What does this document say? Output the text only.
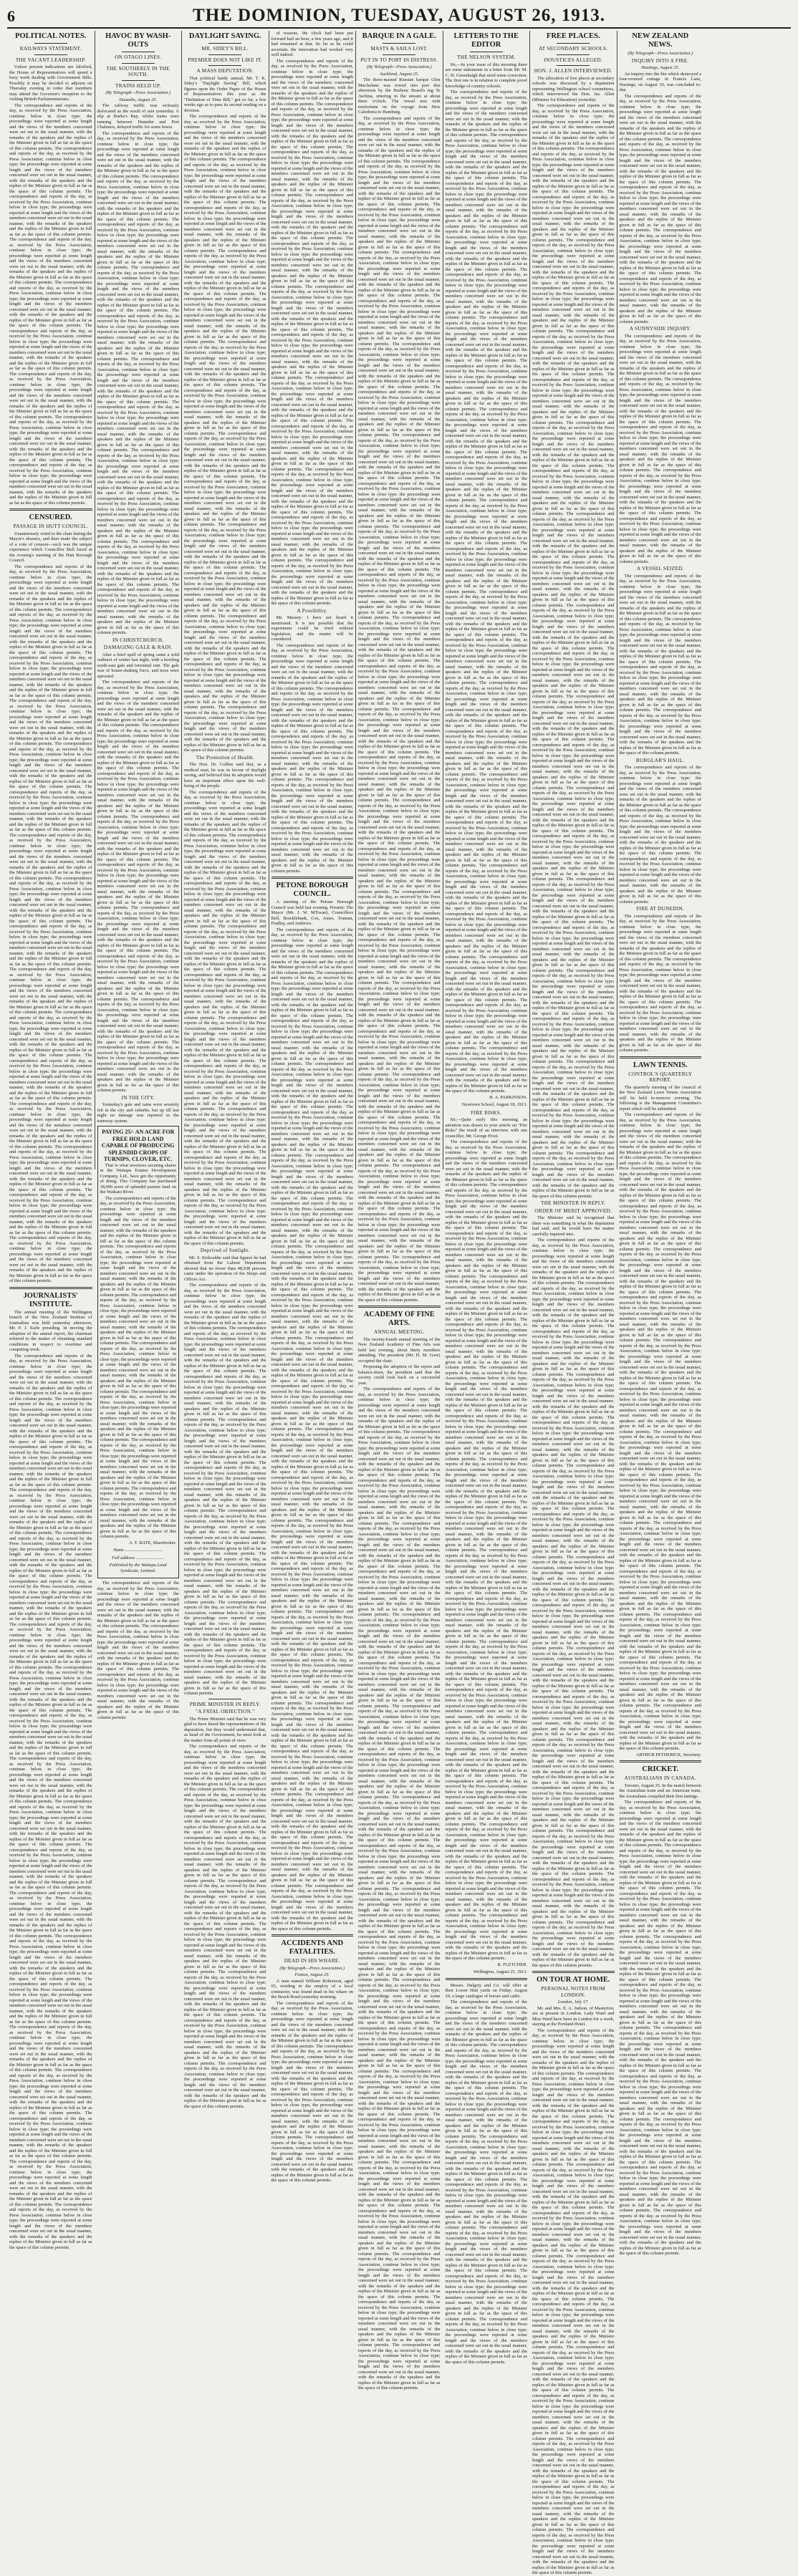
6	THE DOMINION, TUESDAY, AUGUST 26, 1913.
POLITICAL NOTES.
RAILWAYS STATEMENT.
THE VACANT LEADERSHIP.

Unless present indications are falsified, the House of Representatives will spend a busy week dealing with Government Bills. Possibly it may be decided to adjourn on Thursday evening in order that members may attend the Governor's reception to the visiting British Parliamentarians.

The correspondence and reports of the day, as received by the Press Association, continue below in close type; the proceedings were reported at some length and the views of the members concerned were set out in the usual manner, with the remarks of the speakers and the replies of the Minister given in full as far as the space of this column permits. The correspondence and reports of the day, as received by the Press Association, continue below in close type; the proceedings were reported at some length and the views of the members concerned were set out in the usual manner, with the remarks of the speakers and the replies of the Minister given in full as far as the space of this column permits. The correspondence and reports of the day, as received by the Press Association, continue below in close type; the proceedings were reported at some length and the views of the members concerned were set out in the usual manner, with the remarks of the speakers and the replies of the Minister given in full as far as the space of this column permits. The correspondence and reports of the day, as received by the Press Association, continue below in close type; the proceedings were reported at some length and the views of the members concerned were set out in the usual manner, with the remarks of the speakers and the replies of the Minister given in full as far as the space of this column permits. The correspondence and reports of the day, as received by the Press Association, continue below in close type; the proceedings were reported at some length and the views of the members concerned were set out in the usual manner, with the remarks of the speakers and the replies of the Minister given in full as far as the space of this column permits. The correspondence and reports of the day, as received by the Press Association, continue below in close type; the proceedings were reported at some length and the views of the members concerned were set out in the usual manner, with the remarks of the speakers and the replies of the Minister given in full as far as the space of this column permits. The correspondence and reports of the day, as received by the Press Association, continue below in close type; the proceedings were reported at some length and the views of the members concerned were set out in the usual manner, with the remarks of the speakers and the replies of the Minister given in full as far as the space of this column permits. The correspondence and reports of the day, as received by the Press Association, continue below in close type; the proceedings were reported at some length and the views of the members concerned were set out in the usual manner, with the remarks of the speakers and the replies of the Minister given in full as far as the space of this column permits. The correspondence and reports of the day, as received by the Press Association, continue below in close type; the proceedings were reported at some length and the views of the members concerned were set out in the usual manner, with the remarks of the speakers and the replies of the Minister given in full as far as the space of this column permits.

CENSURED.
PASSAGE IN HUTT COUNCIL.

Unanimously voted to the chair during the Mayor's absence, and then made the subject of a vote of censure—such was the unique experience which Councillor Bull faced at the evening's meeting of the Hutt Borough Council.

The correspondence and reports of the day, as received by the Press Association, continue below in close type; the proceedings were reported at some length and the views of the members concerned were set out in the usual manner, with the remarks of the speakers and the replies of the Minister given in full as far as the space of this column permits. The correspondence and reports of the day, as received by the Press Association, continue below in close type; the proceedings were reported at some length and the views of the members concerned were set out in the usual manner, with the remarks of the speakers and the replies of the Minister given in full as far as the space of this column permits. The correspondence and reports of the day, as received by the Press Association, continue below in close type; the proceedings were reported at some length and the views of the members concerned were set out in the usual manner, with the remarks of the speakers and the replies of the Minister given in full as far as the space of this column permits. The correspondence and reports of the day, as received by the Press Association, continue below in close type; the proceedings were reported at some length and the views of the members concerned were set out in the usual manner, with the remarks of the speakers and the replies of the Minister given in full as far as the space of this column permits. The correspondence and reports of the day, as received by the Press Association, continue below in close type; the proceedings were reported at some length and the views of the members concerned were set out in the usual manner, with the remarks of the speakers and the replies of the Minister given in full as far as the space of this column permits. The correspondence and reports of the day, as received by the Press Association, continue below in close type; the proceedings were reported at some length and the views of the members concerned were set out in the usual manner, with the remarks of the speakers and the replies of the Minister given in full as far as the space of this column permits. The correspondence and reports of the day, as received by the Press Association, continue below in close type; the proceedings were reported at some length and the views of the members concerned were set out in the usual manner, with the remarks of the speakers and the replies of the Minister given in full as far as the space of this column permits. The correspondence and reports of the day, as received by the Press Association, continue below in close type; the proceedings were reported at some length and the views of the members concerned were set out in the usual manner, with the remarks of the speakers and the replies of the Minister given in full as far as the space of this column permits. The correspondence and reports of the day, as received by the Press Association, continue below in close type; the proceedings were reported at some length and the views of the members concerned were set out in the usual manner, with the remarks of the speakers and the replies of the Minister given in full as far as the space of this column permits. The correspondence and reports of the day, as received by the Press Association, continue below in close type; the proceedings were reported at some length and the views of the members concerned were set out in the usual manner, with the remarks of the speakers and the replies of the Minister given in full as far as the space of this column permits. The correspondence and reports of the day, as received by the Press Association, continue below in close type; the proceedings were reported at some length and the views of the members concerned were set out in the usual manner, with the remarks of the speakers and the replies of the Minister given in full as far as the space of this column permits. The correspondence and reports of the day, as received by the Press Association, continue below in close type; the proceedings were reported at some length and the views of the members concerned were set out in the usual manner, with the remarks of the speakers and the replies of the Minister given in full as far as the space of this column permits. The correspondence and reports of the day, as received by the Press Association, continue below in close type; the proceedings were reported at some length and the views of the members concerned were set out in the usual manner, with the remarks of the speakers and the replies of the Minister given in full as far as the space of this column permits. The correspondence and reports of the day, as received by the Press Association, continue below in close type; the proceedings were reported at some length and the views of the members concerned were set out in the usual manner, with the remarks of the speakers and the replies of the Minister given in full as far as the space of this column permits. The correspondence and reports of the day, as received by the Press Association, continue below in close type; the proceedings were reported at some length and the views of the members concerned were set out in the usual manner, with the remarks of the speakers and the replies of the Minister given in full as far as the space of this column permits. The correspondence and reports of the day, as received by the Press Association, continue below in close type; the proceedings were reported at some length and the views of the members concerned were set out in the usual manner, with the remarks of the speakers and the replies of the Minister given in full as far as the space of this column permits.

JOURNALISTS' INSTITUTE.

The annual meeting of the Wellington branch of the New Zealand Institute of Journalists was held yesterday afternoon, Mr. F. J. Earle presiding. In moving the adoption of the annual report, the chairman referred to the matter of obtaining standard conditions in respect to overtime and competing work.

The correspondence and reports of the day, as received by the Press Association, continue below in close type; the proceedings were reported at some length and the views of the members concerned were set out in the usual manner, with the remarks of the speakers and the replies of the Minister given in full as far as the space of this column permits. The correspondence and reports of the day, as received by the Press Association, continue below in close type; the proceedings were reported at some length and the views of the members concerned were set out in the usual manner, with the remarks of the speakers and the replies of the Minister given in full as far as the space of this column permits. The correspondence and reports of the day, as received by the Press Association, continue below in close type; the proceedings were reported at some length and the views of the members concerned were set out in the usual manner, with the remarks of the speakers and the replies of the Minister given in full as far as the space of this column permits. The correspondence and reports of the day, as received by the Press Association, continue below in close type; the proceedings were reported at some length and the views of the members concerned were set out in the usual manner, with the remarks of the speakers and the replies of the Minister given in full as far as the space of this column permits. The correspondence and reports of the day, as received by the Press Association, continue below in close type; the proceedings were reported at some length and the views of the members concerned were set out in the usual manner, with the remarks of the speakers and the replies of the Minister given in full as far as the space of this column permits. The correspondence and reports of the day, as received by the Press Association, continue below in close type; the proceedings were reported at some length and the views of the members concerned were set out in the usual manner, with the remarks of the speakers and the replies of the Minister given in full as far as the space of this column permits. The correspondence and reports of the day, as received by the Press Association, continue below in close type; the proceedings were reported at some length and the views of the members concerned were set out in the usual manner, with the remarks of the speakers and the replies of the Minister given in full as far as the space of this column permits. The correspondence and reports of the day, as received by the Press Association, continue below in close type; the proceedings were reported at some length and the views of the members concerned were set out in the usual manner, with the remarks of the speakers and the replies of the Minister given in full as far as the space of this column permits. The correspondence and reports of the day, as received by the Press Association, continue below in close type; the proceedings were reported at some length and the views of the members concerned were set out in the usual manner, with the remarks of the speakers and the replies of the Minister given in full as far as the space of this column permits. The correspondence and reports of the day, as received by the Press Association, continue below in close type; the proceedings were reported at some length and the views of the members concerned were set out in the usual manner, with the remarks of the speakers and the replies of the Minister given in full as far as the space of this column permits. The correspondence and reports of the day, as received by the Press Association, continue below in close type; the proceedings were reported at some length and the views of the members concerned were set out in the usual manner, with the remarks of the speakers and the replies of the Minister given in full as far as the space of this column permits. The correspondence and reports of the day, as received by the Press Association, continue below in close type; the proceedings were reported at some length and the views of the members concerned were set out in the usual manner, with the remarks of the speakers and the replies of the Minister given in full as far as the space of this column permits. The correspondence and reports of the day, as received by the Press Association, continue below in close type; the proceedings were reported at some length and the views of the members concerned were set out in the usual manner, with the remarks of the speakers and the replies of the Minister given in full as far as the space of this column permits. The correspondence and reports of the day, as received by the Press Association, continue below in close type; the proceedings were reported at some length and the views of the members concerned were set out in the usual manner, with the remarks of the speakers and the replies of the Minister given in full as far as the space of this column permits. The correspondence and reports of the day, as received by the Press Association, continue below in close type; the proceedings were reported at some length and the views of the members concerned were set out in the usual manner, with the remarks of the speakers and the replies of the Minister given in full as far as the space of this column permits. The correspondence and reports of the day, as received by the Press Association, continue below in close type; the proceedings were reported at some length and the views of the members concerned were set out in the usual manner, with the remarks of the speakers and the replies of the Minister given in full as far as the space of this column permits. The correspondence and reports of the day, as received by the Press Association, continue below in close type; the proceedings were reported at some length and the views of the members concerned were set out in the usual manner, with the remarks of the speakers and the replies of the Minister given in full as far as the space of this column permits. The correspondence and reports of the day, as received by the Press Association, continue below in close type; the proceedings were reported at some length and the views of the members concerned were set out in the usual manner, with the remarks of the speakers and the replies of the Minister given in full as far as the space of this column permits. The correspondence and reports of the day, as received by the Press Association, continue below in close type; the proceedings were reported at some length and the views of the members concerned were set out in the usual manner, with the remarks of the speakers and the replies of the Minister given in full as far as the space of this column permits. The correspondence and reports of the day, as received by the Press Association, continue below in close type; the proceedings were reported at some length and the views of the members concerned were set out in the usual manner, with the remarks of the speakers and the replies of the Minister given in full as far as the space of this column permits.

HAVOC BY WASH-OUTS
ON OTAGO LINES.
THE SOUTHERLY IN THE SOUTH.
TRAINS HELD UP.
(By Telegraph—Press Association.)
Dunedin, August 25.

The railway traffic was seriously dislocated as the result of rain yesterday. A slip at Burke's Bay, whilst trains were running between Dunedin and Port Chalmers, delayed traffic for some hours.

The correspondence and reports of the day, as received by the Press Association, continue below in close type; the proceedings were reported at some length and the views of the members concerned were set out in the usual manner, with the remarks of the speakers and the replies of the Minister given in full as far as the space of this column permits. The correspondence and reports of the day, as received by the Press Association, continue below in close type; the proceedings were reported at some length and the views of the members concerned were set out in the usual manner, with the remarks of the speakers and the replies of the Minister given in full as far as the space of this column permits. The correspondence and reports of the day, as received by the Press Association, continue below in close type; the proceedings were reported at some length and the views of the members concerned were set out in the usual manner, with the remarks of the speakers and the replies of the Minister given in full as far as the space of this column permits. The correspondence and reports of the day, as received by the Press Association, continue below in close type; the proceedings were reported at some length and the views of the members concerned were set out in the usual manner, with the remarks of the speakers and the replies of the Minister given in full as far as the space of this column permits. The correspondence and reports of the day, as received by the Press Association, continue below in close type; the proceedings were reported at some length and the views of the members concerned were set out in the usual manner, with the remarks of the speakers and the replies of the Minister given in full as far as the space of this column permits. The correspondence and reports of the day, as received by the Press Association, continue below in close type; the proceedings were reported at some length and the views of the members concerned were set out in the usual manner, with the remarks of the speakers and the replies of the Minister given in full as far as the space of this column permits. The correspondence and reports of the day, as received by the Press Association, continue below in close type; the proceedings were reported at some length and the views of the members concerned were set out in the usual manner, with the remarks of the speakers and the replies of the Minister given in full as far as the space of this column permits. The correspondence and reports of the day, as received by the Press Association, continue below in close type; the proceedings were reported at some length and the views of the members concerned were set out in the usual manner, with the remarks of the speakers and the replies of the Minister given in full as far as the space of this column permits. The correspondence and reports of the day, as received by the Press Association, continue below in close type; the proceedings were reported at some length and the views of the members concerned were set out in the usual manner, with the remarks of the speakers and the replies of the Minister given in full as far as the space of this column permits. The correspondence and reports of the day, as received by the Press Association, continue below in close type; the proceedings were reported at some length and the views of the members concerned were set out in the usual manner, with the remarks of the speakers and the replies of the Minister given in full as far as the space of this column permits. The correspondence and reports of the day, as received by the Press Association, continue below in close type; the proceedings were reported at some length and the views of the members concerned were set out in the usual manner, with the remarks of the speakers and the replies of the Minister given in full as far as the space of this column permits.

IN CHRISTCHURCH.
DAMAGING GALE & RAIN.

After a brief spell of spring came a wild outburst of winter last night, with a howling south-east gale and torrential rain. The gale was of house-shaking force, and trees were uprooted.

The correspondence and reports of the day, as received by the Press Association, continue below in close type; the proceedings were reported at some length and the views of the members concerned were set out in the usual manner, with the remarks of the speakers and the replies of the Minister given in full as far as the space of this column permits. The correspondence and reports of the day, as received by the Press Association, continue below in close type; the proceedings were reported at some length and the views of the members concerned were set out in the usual manner, with the remarks of the speakers and the replies of the Minister given in full as far as the space of this column permits. The correspondence and reports of the day, as received by the Press Association, continue below in close type; the proceedings were reported at some length and the views of the members concerned were set out in the usual manner, with the remarks of the speakers and the replies of the Minister given in full as far as the space of this column permits. The correspondence and reports of the day, as received by the Press Association, continue below in close type; the proceedings were reported at some length and the views of the members concerned were set out in the usual manner, with the remarks of the speakers and the replies of the Minister given in full as far as the space of this column permits. The correspondence and reports of the day, as received by the Press Association, continue below in close type; the proceedings were reported at some length and the views of the members concerned were set out in the usual manner, with the remarks of the speakers and the replies of the Minister given in full as far as the space of this column permits. The correspondence and reports of the day, as received by the Press Association, continue below in close type; the proceedings were reported at some length and the views of the members concerned were set out in the usual manner, with the remarks of the speakers and the replies of the Minister given in full as far as the space of this column permits. The correspondence and reports of the day, as received by the Press Association, continue below in close type; the proceedings were reported at some length and the views of the members concerned were set out in the usual manner, with the remarks of the speakers and the replies of the Minister given in full as far as the space of this column permits. The correspondence and reports of the day, as received by the Press Association, continue below in close type; the proceedings were reported at some length and the views of the members concerned were set out in the usual manner, with the remarks of the speakers and the replies of the Minister given in full as far as the space of this column permits. The correspondence and reports of the day, as received by the Press Association, continue below in close type; the proceedings were reported at some length and the views of the members concerned were set out in the usual manner, with the remarks of the speakers and the replies of the Minister given in full as far as the space of this column permits.

IN THE CITY.

Yesterday's gale and rains were severely felt in the city and suburbs, but up till last night no damage was reported in the tramway system.

PAYING 25/- AN ACRE FOR FREE HOLD LAND CAPABLE OF PRODUCING SPLENDID CROPS OF TURNIPS, CLOVER, ETC.

That is what investors securing shares in the Waitapu Estates Development Company, Ltd., have got the opportunity of doing. This Company has purchased 18,000 acres of splendid pasture land on the Waikato River.

The correspondence and reports of the day, as received by the Press Association, continue below in close type; the proceedings were reported at some length and the views of the members concerned were set out in the usual manner, with the remarks of the speakers and the replies of the Minister given in full as far as the space of this column permits. The correspondence and reports of the day, as received by the Press Association, continue below in close type; the proceedings were reported at some length and the views of the members concerned were set out in the usual manner, with the remarks of the speakers and the replies of the Minister given in full as far as the space of this column permits. The correspondence and reports of the day, as received by the Press Association, continue below in close type; the proceedings were reported at some length and the views of the members concerned were set out in the usual manner, with the remarks of the speakers and the replies of the Minister given in full as far as the space of this column permits. The correspondence and reports of the day, as received by the Press Association, continue below in close type; the proceedings were reported at some length and the views of the members concerned were set out in the usual manner, with the remarks of the speakers and the replies of the Minister given in full as far as the space of this column permits. The correspondence and reports of the day, as received by the Press Association, continue below in close type; the proceedings were reported at some length and the views of the members concerned were set out in the usual manner, with the remarks of the speakers and the replies of the Minister given in full as far as the space of this column permits. The correspondence and reports of the day, as received by the Press Association, continue below in close type; the proceedings were reported at some length and the views of the members concerned were set out in the usual manner, with the remarks of the speakers and the replies of the Minister given in full as far as the space of this column permits. The correspondence and reports of the day, as received by the Press Association, continue below in close type; the proceedings were reported at some length and the views of the members concerned were set out in the usual manner, with the remarks of the speakers and the replies of the Minister given in full as far as the space of this column permits.

A. T. BATE, Sharebroker.
Name .................................
Full address .........................
Published by the Waitapu Land Syndicate, Limited.

The correspondence and reports of the day, as received by the Press Association, continue below in close type; the proceedings were reported at some length and the views of the members concerned were set out in the usual manner, with the remarks of the speakers and the replies of the Minister given in full as far as the space of this column permits. The correspondence and reports of the day, as received by the Press Association, continue below in close type; the proceedings were reported at some length and the views of the members concerned were set out in the usual manner, with the remarks of the speakers and the replies of the Minister given in full as far as the space of this column permits. The correspondence and reports of the day, as received by the Press Association, continue below in close type; the proceedings were reported at some length and the views of the members concerned were set out in the usual manner, with the remarks of the speakers and the replies of the Minister given in full as far as the space of this column permits.

DAYLIGHT SAVING.
MR. SIDEY'S BILL.
PREMIER DOES NOT LIKE IT.
A MASS DEPUTATION.

That political hardy annual, Mr. T. K. Sidey's "Daylight Saving" Bill, which figures upon the Order Paper of the House of Representatives this year as the "Definition of Time Bill," got so far, a few weeks ago as to pass its second reading on a division.

The correspondence and reports of the day, as received by the Press Association, continue below in close type; the proceedings were reported at some length and the views of the members concerned were set out in the usual manner, with the remarks of the speakers and the replies of the Minister given in full as far as the space of this column permits. The correspondence and reports of the day, as received by the Press Association, continue below in close type; the proceedings were reported at some length and the views of the members concerned were set out in the usual manner, with the remarks of the speakers and the replies of the Minister given in full as far as the space of this column permits. The correspondence and reports of the day, as received by the Press Association, continue below in close type; the proceedings were reported at some length and the views of the members concerned were set out in the usual manner, with the remarks of the speakers and the replies of the Minister given in full as far as the space of this column permits. The correspondence and reports of the day, as received by the Press Association, continue below in close type; the proceedings were reported at some length and the views of the members concerned were set out in the usual manner, with the remarks of the speakers and the replies of the Minister given in full as far as the space of this column permits. The correspondence and reports of the day, as received by the Press Association, continue below in close type; the proceedings were reported at some length and the views of the members concerned were set out in the usual manner, with the remarks of the speakers and the replies of the Minister given in full as far as the space of this column permits. The correspondence and reports of the day, as received by the Press Association, continue below in close type; the proceedings were reported at some length and the views of the members concerned were set out in the usual manner, with the remarks of the speakers and the replies of the Minister given in full as far as the space of this column permits. The correspondence and reports of the day, as received by the Press Association, continue below in close type; the proceedings were reported at some length and the views of the members concerned were set out in the usual manner, with the remarks of the speakers and the replies of the Minister given in full as far as the space of this column permits. The correspondence and reports of the day, as received by the Press Association, continue below in close type; the proceedings were reported at some length and the views of the members concerned were set out in the usual manner, with the remarks of the speakers and the replies of the Minister given in full as far as the space of this column permits. The correspondence and reports of the day, as received by the Press Association, continue below in close type; the proceedings were reported at some length and the views of the members concerned were set out in the usual manner, with the remarks of the speakers and the replies of the Minister given in full as far as the space of this column permits. The correspondence and reports of the day, as received by the Press Association, continue below in close type; the proceedings were reported at some length and the views of the members concerned were set out in the usual manner, with the remarks of the speakers and the replies of the Minister given in full as far as the space of this column permits. The correspondence and reports of the day, as received by the Press Association, continue below in close type; the proceedings were reported at some length and the views of the members concerned were set out in the usual manner, with the remarks of the speakers and the replies of the Minister given in full as far as the space of this column permits. The correspondence and reports of the day, as received by the Press Association, continue below in close type; the proceedings were reported at some length and the views of the members concerned were set out in the usual manner, with the remarks of the speakers and the replies of the Minister given in full as far as the space of this column permits. The correspondence and reports of the day, as received by the Press Association, continue below in close type; the proceedings were reported at some length and the views of the members concerned were set out in the usual manner, with the remarks of the speakers and the replies of the Minister given in full as far as the space of this column permits. The correspondence and reports of the day, as received by the Press Association, continue below in close type; the proceedings were reported at some length and the views of the members concerned were set out in the usual manner, with the remarks of the speakers and the replies of the Minister given in full as far as the space of this column permits.

The Promotion of Health.

The Hon. Dr. Collins said that, as a medical man, he was in favour of daylight saving, and believed that its adoption would have an important effect upon the well-being of the people.

The correspondence and reports of the day, as received by the Press Association, continue below in close type; the proceedings were reported at some length and the views of the members concerned were set out in the usual manner, with the remarks of the speakers and the replies of the Minister given in full as far as the space of this column permits. The correspondence and reports of the day, as received by the Press Association, continue below in close type; the proceedings were reported at some length and the views of the members concerned were set out in the usual manner, with the remarks of the speakers and the replies of the Minister given in full as far as the space of this column permits. The correspondence and reports of the day, as received by the Press Association, continue below in close type; the proceedings were reported at some length and the views of the members concerned were set out in the usual manner, with the remarks of the speakers and the replies of the Minister given in full as far as the space of this column permits. The correspondence and reports of the day, as received by the Press Association, continue below in close type; the proceedings were reported at some length and the views of the members concerned were set out in the usual manner, with the remarks of the speakers and the replies of the Minister given in full as far as the space of this column permits. The correspondence and reports of the day, as received by the Press Association, continue below in close type; the proceedings were reported at some length and the views of the members concerned were set out in the usual manner, with the remarks of the speakers and the replies of the Minister given in full as far as the space of this column permits. The correspondence and reports of the day, as received by the Press Association, continue below in close type; the proceedings were reported at some length and the views of the members concerned were set out in the usual manner, with the remarks of the speakers and the replies of the Minister given in full as far as the space of this column permits. The correspondence and reports of the day, as received by the Press Association, continue below in close type; the proceedings were reported at some length and the views of the members concerned were set out in the usual manner, with the remarks of the speakers and the replies of the Minister given in full as far as the space of this column permits. The correspondence and reports of the day, as received by the Press Association, continue below in close type; the proceedings were reported at some length and the views of the members concerned were set out in the usual manner, with the remarks of the speakers and the replies of the Minister given in full as far as the space of this column permits. The correspondence and reports of the day, as received by the Press Association, continue below in close type; the proceedings were reported at some length and the views of the members concerned were set out in the usual manner, with the remarks of the speakers and the replies of the Minister given in full as far as the space of this column permits. The correspondence and reports of the day, as received by the Press Association, continue below in close type; the proceedings were reported at some length and the views of the members concerned were set out in the usual manner, with the remarks of the speakers and the replies of the Minister given in full as far as the space of this column permits.

Deprived of Sunlight.

Mr. S. Kirkcaldie said that figures he had obtained from the Labour Department showed that no fewer than 48,938 persons came under the operation of the Shops and Offices Act.

The correspondence and reports of the day, as received by the Press Association, continue below in close type; the proceedings were reported at some length and the views of the members concerned were set out in the usual manner, with the remarks of the speakers and the replies of the Minister given in full as far as the space of this column permits. The correspondence and reports of the day, as received by the Press Association, continue below in close type; the proceedings were reported at some length and the views of the members concerned were set out in the usual manner, with the remarks of the speakers and the replies of the Minister given in full as far as the space of this column permits. The correspondence and reports of the day, as received by the Press Association, continue below in close type; the proceedings were reported at some length and the views of the members concerned were set out in the usual manner, with the remarks of the speakers and the replies of the Minister given in full as far as the space of this column permits. The correspondence and reports of the day, as received by the Press Association, continue below in close type; the proceedings were reported at some length and the views of the members concerned were set out in the usual manner, with the remarks of the speakers and the replies of the Minister given in full as far as the space of this column permits. The correspondence and reports of the day, as received by the Press Association, continue below in close type; the proceedings were reported at some length and the views of the members concerned were set out in the usual manner, with the remarks of the speakers and the replies of the Minister given in full as far as the space of this column permits. The correspondence and reports of the day, as received by the Press Association, continue below in close type; the proceedings were reported at some length and the views of the members concerned were set out in the usual manner, with the remarks of the speakers and the replies of the Minister given in full as far as the space of this column permits. The correspondence and reports of the day, as received by the Press Association, continue below in close type; the proceedings were reported at some length and the views of the members concerned were set out in the usual manner, with the remarks of the speakers and the replies of the Minister given in full as far as the space of this column permits. The correspondence and reports of the day, as received by the Press Association, continue below in close type; the proceedings were reported at some length and the views of the members concerned were set out in the usual manner, with the remarks of the speakers and the replies of the Minister given in full as far as the space of this column permits. The correspondence and reports of the day, as received by the Press Association, continue below in close type; the proceedings were reported at some length and the views of the members concerned were set out in the usual manner, with the remarks of the speakers and the replies of the Minister given in full as far as the space of this column permits.

PRIME MINISTER IN REPLY.
"A FATAL OBJECTION."

The Prime Minister said that he was very glad to have heard the representations of the deputation, but they would understand that, as head of the Government, he must look at the matter from all points of view.

The correspondence and reports of the day, as received by the Press Association, continue below in close type; the proceedings were reported at some length and the views of the members concerned were set out in the usual manner, with the remarks of the speakers and the replies of the Minister given in full as far as the space of this column permits. The correspondence and reports of the day, as received by the Press Association, continue below in close type; the proceedings were reported at some length and the views of the members concerned were set out in the usual manner, with the remarks of the speakers and the replies of the Minister given in full as far as the space of this column permits. The correspondence and reports of the day, as received by the Press Association, continue below in close type; the proceedings were reported at some length and the views of the members concerned were set out in the usual manner, with the remarks of the speakers and the replies of the Minister given in full as far as the space of this column permits. The correspondence and reports of the day, as received by the Press Association, continue below in close type; the proceedings were reported at some length and the views of the members concerned were set out in the usual manner, with the remarks of the speakers and the replies of the Minister given in full as far as the space of this column permits. The correspondence and reports of the day, as received by the Press Association, continue below in close type; the proceedings were reported at some length and the views of the members concerned were set out in the usual manner, with the remarks of the speakers and the replies of the Minister given in full as far as the space of this column permits. The correspondence and reports of the day, as received by the Press Association, continue below in close type; the proceedings were reported at some length and the views of the members concerned were set out in the usual manner, with the remarks of the speakers and the replies of the Minister given in full as far as the space of this column permits. The correspondence and reports of the day, as received by the Press Association, continue below in close type; the proceedings were reported at some length and the views of the members concerned were set out in the usual manner, with the remarks of the speakers and the replies of the Minister given in full as far as the space of this column permits. The correspondence and reports of the day, as received by the Press Association, continue below in close type; the proceedings were reported at some length and the views of the members concerned were set out in the usual manner, with the remarks of the speakers and the replies of the Minister given in full as far as the space of this column permits.

of reasons, the clock had been put forward half an hour, a few years ago, and it had remained at that. So far as he could ascertain, the innovation had worked very well indeed.

The correspondence and reports of the day, as received by the Press Association, continue below in close type; the proceedings were reported at some length and the views of the members concerned were set out in the usual manner, with the remarks of the speakers and the replies of the Minister given in full as far as the space of this column permits. The correspondence and reports of the day, as received by the Press Association, continue below in close type; the proceedings were reported at some length and the views of the members concerned were set out in the usual manner, with the remarks of the speakers and the replies of the Minister given in full as far as the space of this column permits. The correspondence and reports of the day, as received by the Press Association, continue below in close type; the proceedings were reported at some length and the views of the members concerned were set out in the usual manner, with the remarks of the speakers and the replies of the Minister given in full as far as the space of this column permits. The correspondence and reports of the day, as received by the Press Association, continue below in close type; the proceedings were reported at some length and the views of the members concerned were set out in the usual manner, with the remarks of the speakers and the replies of the Minister given in full as far as the space of this column permits. The correspondence and reports of the day, as received by the Press Association, continue below in close type; the proceedings were reported at some length and the views of the members concerned were set out in the usual manner, with the remarks of the speakers and the replies of the Minister given in full as far as the space of this column permits. The correspondence and reports of the day, as received by the Press Association, continue below in close type; the proceedings were reported at some length and the views of the members concerned were set out in the usual manner, with the remarks of the speakers and the replies of the Minister given in full as far as the space of this column permits. The correspondence and reports of the day, as received by the Press Association, continue below in close type; the proceedings were reported at some length and the views of the members concerned were set out in the usual manner, with the remarks of the speakers and the replies of the Minister given in full as far as the space of this column permits. The correspondence and reports of the day, as received by the Press Association, continue below in close type; the proceedings were reported at some length and the views of the members concerned were set out in the usual manner, with the remarks of the speakers and the replies of the Minister given in full as far as the space of this column permits. The correspondence and reports of the day, as received by the Press Association, continue below in close type; the proceedings were reported at some length and the views of the members concerned were set out in the usual manner, with the remarks of the speakers and the replies of the Minister given in full as far as the space of this column permits. The correspondence and reports of the day, as received by the Press Association, continue below in close type; the proceedings were reported at some length and the views of the members concerned were set out in the usual manner, with the remarks of the speakers and the replies of the Minister given in full as far as the space of this column permits. The correspondence and reports of the day, as received by the Press Association, continue below in close type; the proceedings were reported at some length and the views of the members concerned were set out in the usual manner, with the remarks of the speakers and the replies of the Minister given in full as far as the space of this column permits. The correspondence and reports of the day, as received by the Press Association, continue below in close type; the proceedings were reported at some length and the views of the members concerned were set out in the usual manner, with the remarks of the speakers and the replies of the Minister given in full as far as the space of this column permits.

A Possibility.

Mr. Massey: I have not heard it mentioned. It is not possible that the experiment could be tried without legislation, and the matter will be considered.

The correspondence and reports of the day, as received by the Press Association, continue below in close type; the proceedings were reported at some length and the views of the members concerned were set out in the usual manner, with the remarks of the speakers and the replies of the Minister given in full as far as the space of this column permits. The correspondence and reports of the day, as received by the Press Association, continue below in close type; the proceedings were reported at some length and the views of the members concerned were set out in the usual manner, with the remarks of the speakers and the replies of the Minister given in full as far as the space of this column permits. The correspondence and reports of the day, as received by the Press Association, continue below in close type; the proceedings were reported at some length and the views of the members concerned were set out in the usual manner, with the remarks of the speakers and the replies of the Minister given in full as far as the space of this column permits. The correspondence and reports of the day, as received by the Press Association, continue below in close type; the proceedings were reported at some length and the views of the members concerned were set out in the usual manner, with the remarks of the speakers and the replies of the Minister given in full as far as the space of this column permits. The correspondence and reports of the day, as received by the Press Association, continue below in close type; the proceedings were reported at some length and the views of the members concerned were set out in the usual manner, with the remarks of the speakers and the replies of the Minister given in full as far as the space of this column permits.

PETONE BOROUGH COUNCIL.

A meeting of the Petone Borough Council was held last evening. Present: The Mayor (Mr. J. W. M'Ewan), Councillors Bell, Brocklebank, Cox, Jones, Truman, Findlay, and Andrews.

The correspondence and reports of the day, as received by the Press Association, continue below in close type; the proceedings were reported at some length and the views of the members concerned were set out in the usual manner, with the remarks of the speakers and the replies of the Minister given in full as far as the space of this column permits. The correspondence and reports of the day, as received by the Press Association, continue below in close type; the proceedings were reported at some length and the views of the members concerned were set out in the usual manner, with the remarks of the speakers and the replies of the Minister given in full as far as the space of this column permits. The correspondence and reports of the day, as received by the Press Association, continue below in close type; the proceedings were reported at some length and the views of the members concerned were set out in the usual manner, with the remarks of the speakers and the replies of the Minister given in full as far as the space of this column permits. The correspondence and reports of the day, as received by the Press Association, continue below in close type; the proceedings were reported at some length and the views of the members concerned were set out in the usual manner, with the remarks of the speakers and the replies of the Minister given in full as far as the space of this column permits. The correspondence and reports of the day, as received by the Press Association, continue below in close type; the proceedings were reported at some length and the views of the members concerned were set out in the usual manner, with the remarks of the speakers and the replies of the Minister given in full as far as the space of this column permits. The correspondence and reports of the day, as received by the Press Association, continue below in close type; the proceedings were reported at some length and the views of the members concerned were set out in the usual manner, with the remarks of the speakers and the replies of the Minister given in full as far as the space of this column permits. The correspondence and reports of the day, as received by the Press Association, continue below in close type; the proceedings were reported at some length and the views of the members concerned were set out in the usual manner, with the remarks of the speakers and the replies of the Minister given in full as far as the space of this column permits. The correspondence and reports of the day, as received by the Press Association, continue below in close type; the proceedings were reported at some length and the views of the members concerned were set out in the usual manner, with the remarks of the speakers and the replies of the Minister given in full as far as the space of this column permits. The correspondence and reports of the day, as received by the Press Association, continue below in close type; the proceedings were reported at some length and the views of the members concerned were set out in the usual manner, with the remarks of the speakers and the replies of the Minister given in full as far as the space of this column permits. The correspondence and reports of the day, as received by the Press Association, continue below in close type; the proceedings were reported at some length and the views of the members concerned were set out in the usual manner, with the remarks of the speakers and the replies of the Minister given in full as far as the space of this column permits. The correspondence and reports of the day, as received by the Press Association, continue below in close type; the proceedings were reported at some length and the views of the members concerned were set out in the usual manner, with the remarks of the speakers and the replies of the Minister given in full as far as the space of this column permits. The correspondence and reports of the day, as received by the Press Association, continue below in close type; the proceedings were reported at some length and the views of the members concerned were set out in the usual manner, with the remarks of the speakers and the replies of the Minister given in full as far as the space of this column permits. The correspondence and reports of the day, as received by the Press Association, continue below in close type; the proceedings were reported at some length and the views of the members concerned were set out in the usual manner, with the remarks of the speakers and the replies of the Minister given in full as far as the space of this column permits. The correspondence and reports of the day, as received by the Press Association, continue below in close type; the proceedings were reported at some length and the views of the members concerned were set out in the usual manner, with the remarks of the speakers and the replies of the Minister given in full as far as the space of this column permits. The correspondence and reports of the day, as received by the Press Association, continue below in close type; the proceedings were reported at some length and the views of the members concerned were set out in the usual manner, with the remarks of the speakers and the replies of the Minister given in full as far as the space of this column permits. The correspondence and reports of the day, as received by the Press Association, continue below in close type; the proceedings were reported at some length and the views of the members concerned were set out in the usual manner, with the remarks of the speakers and the replies of the Minister given in full as far as the space of this column permits. The correspondence and reports of the day, as received by the Press Association, continue below in close type; the proceedings were reported at some length and the views of the members concerned were set out in the usual manner, with the remarks of the speakers and the replies of the Minister given in full as far as the space of this column permits. The correspondence and reports of the day, as received by the Press Association, continue below in close type; the proceedings were reported at some length and the views of the members concerned were set out in the usual manner, with the remarks of the speakers and the replies of the Minister given in full as far as the space of this column permits. The correspondence and reports of the day, as received by the Press Association, continue below in close type; the proceedings were reported at some length and the views of the members concerned were set out in the usual manner, with the remarks of the speakers and the replies of the Minister given in full as far as the space of this column permits. The correspondence and reports of the day, as received by the Press Association, continue below in close type; the proceedings were reported at some length and the views of the members concerned were set out in the usual manner, with the remarks of the speakers and the replies of the Minister given in full as far as the space of this column permits. The correspondence and reports of the day, as received by the Press Association, continue below in close type; the proceedings were reported at some length and the views of the members concerned were set out in the usual manner, with the remarks of the speakers and the replies of the Minister given in full as far as the space of this column permits. The correspondence and reports of the day, as received by the Press Association, continue below in close type; the proceedings were reported at some length and the views of the members concerned were set out in the usual manner, with the remarks of the speakers and the replies of the Minister given in full as far as the space of this column permits.

ACCIDENTS AND FATALITIES.
DEAD IN HIS WHARE.
(By Telegraph—Press Association.)
Foxton, August 25.

A man named William Robertson, aged 65, residing in the employ of a local contractor, was found dead in his whare on the Beach Road yesterday morning.

The correspondence and reports of the day, as received by the Press Association, continue below in close type; the proceedings were reported at some length and the views of the members concerned were set out in the usual manner, with the remarks of the speakers and the replies of the Minister given in full as far as the space of this column permits. The correspondence and reports of the day, as received by the Press Association, continue below in close type; the proceedings were reported at some length and the views of the members concerned were set out in the usual manner, with the remarks of the speakers and the replies of the Minister given in full as far as the space of this column permits. The correspondence and reports of the day, as received by the Press Association, continue below in close type; the proceedings were reported at some length and the views of the members concerned were set out in the usual manner, with the remarks of the speakers and the replies of the Minister given in full as far as the space of this column permits. The correspondence and reports of the day, as received by the Press Association, continue below in close type; the proceedings were reported at some length and the views of the members concerned were set out in the usual manner, with the remarks of the speakers and the replies of the Minister given in full as far as the space of this column permits.

BARQUE IN A GALE.
MASTS & SAILS LOST.
PUT IN TO PORT IN DISTRESS.
(By Telegraph—Press Association.)
Auckland, August 25.

The three-masted Russian barque Glen Macfarlane was towed into port this afternoon by the Harbour Board's tug Te Awhina, entering in the stream at about three o'clock. The vessel met with misfortune on the voyage from New Caledonia to Hamburg.

The correspondence and reports of the day, as received by the Press Association, continue below in close type; the proceedings were reported at some length and the views of the members concerned were set out in the usual manner, with the remarks of the speakers and the replies of the Minister given in full as far as the space of this column permits. The correspondence and reports of the day, as received by the Press Association, continue below in close type; the proceedings were reported at some length and the views of the members concerned were set out in the usual manner, with the remarks of the speakers and the replies of the Minister given in full as far as the space of this column permits. The correspondence and reports of the day, as received by the Press Association, continue below in close type; the proceedings were reported at some length and the views of the members concerned were set out in the usual manner, with the remarks of the speakers and the replies of the Minister given in full as far as the space of this column permits. The correspondence and reports of the day, as received by the Press Association, continue below in close type; the proceedings were reported at some length and the views of the members concerned were set out in the usual manner, with the remarks of the speakers and the replies of the Minister given in full as far as the space of this column permits. The correspondence and reports of the day, as received by the Press Association, continue below in close type; the proceedings were reported at some length and the views of the members concerned were set out in the usual manner, with the remarks of the speakers and the replies of the Minister given in full as far as the space of this column permits. The correspondence and reports of the day, as received by the Press Association, continue below in close type; the proceedings were reported at some length and the views of the members concerned were set out in the usual manner, with the remarks of the speakers and the replies of the Minister given in full as far as the space of this column permits. The correspondence and reports of the day, as received by the Press Association, continue below in close type; the proceedings were reported at some length and the views of the members concerned were set out in the usual manner, with the remarks of the speakers and the replies of the Minister given in full as far as the space of this column permits. The correspondence and reports of the day, as received by the Press Association, continue below in close type; the proceedings were reported at some length and the views of the members concerned were set out in the usual manner, with the remarks of the speakers and the replies of the Minister given in full as far as the space of this column permits. The correspondence and reports of the day, as received by the Press Association, continue below in close type; the proceedings were reported at some length and the views of the members concerned were set out in the usual manner, with the remarks of the speakers and the replies of the Minister given in full as far as the space of this column permits. The correspondence and reports of the day, as received by the Press Association, continue below in close type; the proceedings were reported at some length and the views of the members concerned were set out in the usual manner, with the remarks of the speakers and the replies of the Minister given in full as far as the space of this column permits. The correspondence and reports of the day, as received by the Press Association, continue below in close type; the proceedings were reported at some length and the views of the members concerned were set out in the usual manner, with the remarks of the speakers and the replies of the Minister given in full as far as the space of this column permits. The correspondence and reports of the day, as received by the Press Association, continue below in close type; the proceedings were reported at some length and the views of the members concerned were set out in the usual manner, with the remarks of the speakers and the replies of the Minister given in full as far as the space of this column permits. The correspondence and reports of the day, as received by the Press Association, continue below in close type; the proceedings were reported at some length and the views of the members concerned were set out in the usual manner, with the remarks of the speakers and the replies of the Minister given in full as far as the space of this column permits. The correspondence and reports of the day, as received by the Press Association, continue below in close type; the proceedings were reported at some length and the views of the members concerned were set out in the usual manner, with the remarks of the speakers and the replies of the Minister given in full as far as the space of this column permits. The correspondence and reports of the day, as received by the Press Association, continue below in close type; the proceedings were reported at some length and the views of the members concerned were set out in the usual manner, with the remarks of the speakers and the replies of the Minister given in full as far as the space of this column permits. The correspondence and reports of the day, as received by the Press Association, continue below in close type; the proceedings were reported at some length and the views of the members concerned were set out in the usual manner, with the remarks of the speakers and the replies of the Minister given in full as far as the space of this column permits. The correspondence and reports of the day, as received by the Press Association, continue below in close type; the proceedings were reported at some length and the views of the members concerned were set out in the usual manner, with the remarks of the speakers and the replies of the Minister given in full as far as the space of this column permits. The correspondence and reports of the day, as received by the Press Association, continue below in close type; the proceedings were reported at some length and the views of the members concerned were set out in the usual manner, with the remarks of the speakers and the replies of the Minister given in full as far as the space of this column permits. The correspondence and reports of the day, as received by the Press Association, continue below in close type; the proceedings were reported at some length and the views of the members concerned were set out in the usual manner, with the remarks of the speakers and the replies of the Minister given in full as far as the space of this column permits. The correspondence and reports of the day, as received by the Press Association, continue below in close type; the proceedings were reported at some length and the views of the members concerned were set out in the usual manner, with the remarks of the speakers and the replies of the Minister given in full as far as the space of this column permits. The correspondence and reports of the day, as received by the Press Association, continue below in close type; the proceedings were reported at some length and the views of the members concerned were set out in the usual manner, with the remarks of the speakers and the replies of the Minister given in full as far as the space of this column permits. The correspondence and reports of the day, as received by the Press Association, continue below in close type; the proceedings were reported at some length and the views of the members concerned were set out in the usual manner, with the remarks of the speakers and the replies of the Minister given in full as far as the space of this column permits. The correspondence and reports of the day, as received by the Press Association, continue below in close type; the proceedings were reported at some length and the views of the members concerned were set out in the usual manner, with the remarks of the speakers and the replies of the Minister given in full as far as the space of this column permits. The correspondence and reports of the day, as received by the Press Association, continue below in close type; the proceedings were reported at some length and the views of the members concerned were set out in the usual manner, with the remarks of the speakers and the replies of the Minister given in full as far as the space of this column permits. The correspondence and reports of the day, as received by the Press Association, continue below in close type; the proceedings were reported at some length and the views of the members concerned were set out in the usual manner, with the remarks of the speakers and the replies of the Minister given in full as far as the space of this column permits. The correspondence and reports of the day, as received by the Press Association, continue below in close type; the proceedings were reported at some length and the views of the members concerned were set out in the usual manner, with the remarks of the speakers and the replies of the Minister given in full as far as the space of this column permits.

ACADEMY OF FINE ARTS.
ANNUAL MEETING.

The twenty-fourth annual meeting of the New Zealand Academy of Fine Arts was held last evening, about thirty members attending. The president (Mr. H. M. Gore) occupied the chair.

Proposing the adoption of the report and balance-sheet, the president said that the society could look back on a successful year.

The correspondence and reports of the day, as received by the Press Association, continue below in close type; the proceedings were reported at some length and the views of the members concerned were set out in the usual manner, with the remarks of the speakers and the replies of the Minister given in full as far as the space of this column permits. The correspondence and reports of the day, as received by the Press Association, continue below in close type; the proceedings were reported at some length and the views of the members concerned were set out in the usual manner, with the remarks of the speakers and the replies of the Minister given in full as far as the space of this column permits. The correspondence and reports of the day, as received by the Press Association, continue below in close type; the proceedings were reported at some length and the views of the members concerned were set out in the usual manner, with the remarks of the speakers and the replies of the Minister given in full as far as the space of this column permits. The correspondence and reports of the day, as received by the Press Association, continue below in close type; the proceedings were reported at some length and the views of the members concerned were set out in the usual manner, with the remarks of the speakers and the replies of the Minister given in full as far as the space of this column permits. The correspondence and reports of the day, as received by the Press Association, continue below in close type; the proceedings were reported at some length and the views of the members concerned were set out in the usual manner, with the remarks of the speakers and the replies of the Minister given in full as far as the space of this column permits. The correspondence and reports of the day, as received by the Press Association, continue below in close type; the proceedings were reported at some length and the views of the members concerned were set out in the usual manner, with the remarks of the speakers and the replies of the Minister given in full as far as the space of this column permits. The correspondence and reports of the day, as received by the Press Association, continue below in close type; the proceedings were reported at some length and the views of the members concerned were set out in the usual manner, with the remarks of the speakers and the replies of the Minister given in full as far as the space of this column permits. The correspondence and reports of the day, as received by the Press Association, continue below in close type; the proceedings were reported at some length and the views of the members concerned were set out in the usual manner, with the remarks of the speakers and the replies of the Minister given in full as far as the space of this column permits. The correspondence and reports of the day, as received by the Press Association, continue below in close type; the proceedings were reported at some length and the views of the members concerned were set out in the usual manner, with the remarks of the speakers and the replies of the Minister given in full as far as the space of this column permits. The correspondence and reports of the day, as received by the Press Association, continue below in close type; the proceedings were reported at some length and the views of the members concerned were set out in the usual manner, with the remarks of the speakers and the replies of the Minister given in full as far as the space of this column permits. The correspondence and reports of the day, as received by the Press Association, continue below in close type; the proceedings were reported at some length and the views of the members concerned were set out in the usual manner, with the remarks of the speakers and the replies of the Minister given in full as far as the space of this column permits. The correspondence and reports of the day, as received by the Press Association, continue below in close type; the proceedings were reported at some length and the views of the members concerned were set out in the usual manner, with the remarks of the speakers and the replies of the Minister given in full as far as the space of this column permits. The correspondence and reports of the day, as received by the Press Association, continue below in close type; the proceedings were reported at some length and the views of the members concerned were set out in the usual manner, with the remarks of the speakers and the replies of the Minister given in full as far as the space of this column permits. The correspondence and reports of the day, as received by the Press Association, continue below in close type; the proceedings were reported at some length and the views of the members concerned were set out in the usual manner, with the remarks of the speakers and the replies of the Minister given in full as far as the space of this column permits. The correspondence and reports of the day, as received by the Press Association, continue below in close type; the proceedings were reported at some length and the views of the members concerned were set out in the usual manner, with the remarks of the speakers and the replies of the Minister given in full as far as the space of this column permits. The correspondence and reports of the day, as received by the Press Association, continue below in close type; the proceedings were reported at some length and the views of the members concerned were set out in the usual manner, with the remarks of the speakers and the replies of the Minister given in full as far as the space of this column permits. The correspondence and reports of the day, as received by the Press Association, continue below in close type; the proceedings were reported at some length and the views of the members concerned were set out in the usual manner, with the remarks of the speakers and the replies of the Minister given in full as far as the space of this column permits. The correspondence and reports of the day, as received by the Press Association, continue below in close type; the proceedings were reported at some length and the views of the members concerned were set out in the usual manner, with the remarks of the speakers and the replies of the Minister given in full as far as the space of this column permits. The correspondence and reports of the day, as received by the Press Association, continue below in close type; the proceedings were reported at some length and the views of the members concerned were set out in the usual manner, with the remarks of the speakers and the replies of the Minister given in full as far as the space of this column permits. The correspondence and reports of the day, as received by the Press Association, continue below in close type; the proceedings were reported at some length and the views of the members concerned were set out in the usual manner, with the remarks of the speakers and the replies of the Minister given in full as far as the space of this column permits. The correspondence and reports of the day, as received by the Press Association, continue below in close type; the proceedings were reported at some length and the views of the members concerned were set out in the usual manner, with the remarks of the speakers and the replies of the Minister given in full as far as the space of this column permits. The correspondence and reports of the day, as received by the Press Association, continue below in close type; the proceedings were reported at some length and the views of the members concerned were set out in the usual manner, with the remarks of the speakers and the replies of the Minister given in full as far as the space of this column permits.

LETTERS TO THE EDITOR
THE NELSON SYSTEM.

Sir,—In your issue of this morning there are some statements in a letter from Mr. M. C. H. Greenhalgh that need some correction. The first one is in relation to complete proof knowledge of country schools.

The correspondence and reports of the day, as received by the Press Association, continue below in close type; the proceedings were reported at some length and the views of the members concerned were set out in the usual manner, with the remarks of the speakers and the replies of the Minister given in full as far as the space of this column permits. The correspondence and reports of the day, as received by the Press Association, continue below in close type; the proceedings were reported at some length and the views of the members concerned were set out in the usual manner, with the remarks of the speakers and the replies of the Minister given in full as far as the space of this column permits. The correspondence and reports of the day, as received by the Press Association, continue below in close type; the proceedings were reported at some length and the views of the members concerned were set out in the usual manner, with the remarks of the speakers and the replies of the Minister given in full as far as the space of this column permits. The correspondence and reports of the day, as received by the Press Association, continue below in close type; the proceedings were reported at some length and the views of the members concerned were set out in the usual manner, with the remarks of the speakers and the replies of the Minister given in full as far as the space of this column permits. The correspondence and reports of the day, as received by the Press Association, continue below in close type; the proceedings were reported at some length and the views of the members concerned were set out in the usual manner, with the remarks of the speakers and the replies of the Minister given in full as far as the space of this column permits. The correspondence and reports of the day, as received by the Press Association, continue below in close type; the proceedings were reported at some length and the views of the members concerned were set out in the usual manner, with the remarks of the speakers and the replies of the Minister given in full as far as the space of this column permits. The correspondence and reports of the day, as received by the Press Association, continue below in close type; the proceedings were reported at some length and the views of the members concerned were set out in the usual manner, with the remarks of the speakers and the replies of the Minister given in full as far as the space of this column permits. The correspondence and reports of the day, as received by the Press Association, continue below in close type; the proceedings were reported at some length and the views of the members concerned were set out in the usual manner, with the remarks of the speakers and the replies of the Minister given in full as far as the space of this column permits. The correspondence and reports of the day, as received by the Press Association, continue below in close type; the proceedings were reported at some length and the views of the members concerned were set out in the usual manner, with the remarks of the speakers and the replies of the Minister given in full as far as the space of this column permits. The correspondence and reports of the day, as received by the Press Association, continue below in close type; the proceedings were reported at some length and the views of the members concerned were set out in the usual manner, with the remarks of the speakers and the replies of the Minister given in full as far as the space of this column permits. The correspondence and reports of the day, as received by the Press Association, continue below in close type; the proceedings were reported at some length and the views of the members concerned were set out in the usual manner, with the remarks of the speakers and the replies of the Minister given in full as far as the space of this column permits. The correspondence and reports of the day, as received by the Press Association, continue below in close type; the proceedings were reported at some length and the views of the members concerned were set out in the usual manner, with the remarks of the speakers and the replies of the Minister given in full as far as the space of this column permits. The correspondence and reports of the day, as received by the Press Association, continue below in close type; the proceedings were reported at some length and the views of the members concerned were set out in the usual manner, with the remarks of the speakers and the replies of the Minister given in full as far as the space of this column permits. The correspondence and reports of the day, as received by the Press Association, continue below in close type; the proceedings were reported at some length and the views of the members concerned were set out in the usual manner, with the remarks of the speakers and the replies of the Minister given in full as far as the space of this column permits. The correspondence and reports of the day, as received by the Press Association, continue below in close type; the proceedings were reported at some length and the views of the members concerned were set out in the usual manner, with the remarks of the speakers and the replies of the Minister given in full as far as the space of this column permits. The correspondence and reports of the day, as received by the Press Association, continue below in close type; the proceedings were reported at some length and the views of the members concerned were set out in the usual manner, with the remarks of the speakers and the replies of the Minister given in full as far as the space of this column permits. The correspondence and reports of the day, as received by the Press Association, continue below in close type; the proceedings were reported at some length and the views of the members concerned were set out in the usual manner, with the remarks of the speakers and the replies of the Minister given in full as far as the space of this column permits. The correspondence and reports of the day, as received by the Press Association, continue below in close type; the proceedings were reported at some length and the views of the members concerned were set out in the usual manner, with the remarks of the speakers and the replies of the Minister given in full as far as the space of this column permits. The correspondence and reports of the day, as received by the Press Association, continue below in close type; the proceedings were reported at some length and the views of the members concerned were set out in the usual manner, with the remarks of the speakers and the replies of the Minister given in full as far as the space of this column permits. The correspondence and reports of the day, as received by the Press Association, continue below in close type; the proceedings were reported at some length and the views of the members concerned were set out in the usual manner, with the remarks of the speakers and the replies of the Minister given in full as far as the space of this column permits. The correspondence and reports of the day, as received by the Press Association, continue below in close type; the proceedings were reported at some length and the views of the members concerned were set out in the usual manner, with the remarks of the speakers and the replies of the Minister given in full as far as the space of this column permits. The correspondence and reports of the day, as received by the Press Association, continue below in close type; the proceedings were reported at some length and the views of the members concerned were set out in the usual manner, with the remarks of the speakers and the replies of the Minister given in full as far as the space of this column permits.

H. A. PARKINSON.
Newtown School, August 18, 1913.
FIRE RISKS.

Sir,—Quite early this morning an attention was drawn to your article on "Fire Risks" the result of an interview with one councillor, Mr. George Frost.

The correspondence and reports of the day, as received by the Press Association, continue below in close type; the proceedings were reported at some length and the views of the members concerned were set out in the usual manner, with the remarks of the speakers and the replies of the Minister given in full as far as the space of this column permits. The correspondence and reports of the day, as received by the Press Association, continue below in close type; the proceedings were reported at some length and the views of the members concerned were set out in the usual manner, with the remarks of the speakers and the replies of the Minister given in full as far as the space of this column permits. The correspondence and reports of the day, as received by the Press Association, continue below in close type; the proceedings were reported at some length and the views of the members concerned were set out in the usual manner, with the remarks of the speakers and the replies of the Minister given in full as far as the space of this column permits. The correspondence and reports of the day, as received by the Press Association, continue below in close type; the proceedings were reported at some length and the views of the members concerned were set out in the usual manner, with the remarks of the speakers and the replies of the Minister given in full as far as the space of this column permits. The correspondence and reports of the day, as received by the Press Association, continue below in close type; the proceedings were reported at some length and the views of the members concerned were set out in the usual manner, with the remarks of the speakers and the replies of the Minister given in full as far as the space of this column permits. The correspondence and reports of the day, as received by the Press Association, continue below in close type; the proceedings were reported at some length and the views of the members concerned were set out in the usual manner, with the remarks of the speakers and the replies of the Minister given in full as far as the space of this column permits. The correspondence and reports of the day, as received by the Press Association, continue below in close type; the proceedings were reported at some length and the views of the members concerned were set out in the usual manner, with the remarks of the speakers and the replies of the Minister given in full as far as the space of this column permits. The correspondence and reports of the day, as received by the Press Association, continue below in close type; the proceedings were reported at some length and the views of the members concerned were set out in the usual manner, with the remarks of the speakers and the replies of the Minister given in full as far as the space of this column permits. The correspondence and reports of the day, as received by the Press Association, continue below in close type; the proceedings were reported at some length and the views of the members concerned were set out in the usual manner, with the remarks of the speakers and the replies of the Minister given in full as far as the space of this column permits. The correspondence and reports of the day, as received by the Press Association, continue below in close type; the proceedings were reported at some length and the views of the members concerned were set out in the usual manner, with the remarks of the speakers and the replies of the Minister given in full as far as the space of this column permits. The correspondence and reports of the day, as received by the Press Association, continue below in close type; the proceedings were reported at some length and the views of the members concerned were set out in the usual manner, with the remarks of the speakers and the replies of the Minister given in full as far as the space of this column permits. The correspondence and reports of the day, as received by the Press Association, continue below in close type; the proceedings were reported at some length and the views of the members concerned were set out in the usual manner, with the remarks of the speakers and the replies of the Minister given in full as far as the space of this column permits. The correspondence and reports of the day, as received by the Press Association, continue below in close type; the proceedings were reported at some length and the views of the members concerned were set out in the usual manner, with the remarks of the speakers and the replies of the Minister given in full as far as the space of this column permits. The correspondence and reports of the day, as received by the Press Association, continue below in close type; the proceedings were reported at some length and the views of the members concerned were set out in the usual manner, with the remarks of the speakers and the replies of the Minister given in full as far as the space of this column permits. The correspondence and reports of the day, as received by the Press Association, continue below in close type; the proceedings were reported at some length and the views of the members concerned were set out in the usual manner, with the remarks of the speakers and the replies of the Minister given in full as far as the space of this column permits. The correspondence and reports of the day, as received by the Press Association, continue below in close type; the proceedings were reported at some length and the views of the members concerned were set out in the usual manner, with the remarks of the speakers and the replies of the Minister given in full as far as the space of this column permits. The correspondence and reports of the day, as received by the Press Association, continue below in close type; the proceedings were reported at some length and the views of the members concerned were set out in the usual manner, with the remarks of the speakers and the replies of the Minister given in full as far as the space of this column permits. The correspondence and reports of the day, as received by the Press Association, continue below in close type; the proceedings were reported at some length and the views of the members concerned were set out in the usual manner, with the remarks of the speakers and the replies of the Minister given in full as far as the space of this column permits.

R. FLETCHER.
Wellington, August 25, 1913.

Messrs. Dalgety and Co. will offer at their Lower Hutt yards on Friday, August 29, a large catalogue of horses and cattle.

The correspondence and reports of the day, as received by the Press Association, continue below in close type; the proceedings were reported at some length and the views of the members concerned were set out in the usual manner, with the remarks of the speakers and the replies of the Minister given in full as far as the space of this column permits. The correspondence and reports of the day, as received by the Press Association, continue below in close type; the proceedings were reported at some length and the views of the members concerned were set out in the usual manner, with the remarks of the speakers and the replies of the Minister given in full as far as the space of this column permits. The correspondence and reports of the day, as received by the Press Association, continue below in close type; the proceedings were reported at some length and the views of the members concerned were set out in the usual manner, with the remarks of the speakers and the replies of the Minister given in full as far as the space of this column permits. The correspondence and reports of the day, as received by the Press Association, continue below in close type; the proceedings were reported at some length and the views of the members concerned were set out in the usual manner, with the remarks of the speakers and the replies of the Minister given in full as far as the space of this column permits. The correspondence and reports of the day, as received by the Press Association, continue below in close type; the proceedings were reported at some length and the views of the members concerned were set out in the usual manner, with the remarks of the speakers and the replies of the Minister given in full as far as the space of this column permits. The correspondence and reports of the day, as received by the Press Association, continue below in close type; the proceedings were reported at some length and the views of the members concerned were set out in the usual manner, with the remarks of the speakers and the replies of the Minister given in full as far as the space of this column permits. The correspondence and reports of the day, as received by the Press Association, continue below in close type; the proceedings were reported at some length and the views of the members concerned were set out in the usual manner, with the remarks of the speakers and the replies of the Minister given in full as far as the space of this column permits. The correspondence and reports of the day, as received by the Press Association, continue below in close type; the proceedings were reported at some length and the views of the members concerned were set out in the usual manner, with the remarks of the speakers and the replies of the Minister given in full as far as the space of this column permits.

FREE PLACES.
AT SECONDARY SCHOOLS.
INJUSTICES ALLEGED.
HON. J. ALLEN INTERVIEWED.

The allocation of free places at secondary schools was discussed by a deputation representing Wellington school committees, which interviewed the Hon. Jas. Allen (Minister for Education) yesterday.

The correspondence and reports of the day, as received by the Press Association, continue below in close type; the proceedings were reported at some length and the views of the members concerned were set out in the usual manner, with the remarks of the speakers and the replies of the Minister given in full as far as the space of this column permits. The correspondence and reports of the day, as received by the Press Association, continue below in close type; the proceedings were reported at some length and the views of the members concerned were set out in the usual manner, with the remarks of the speakers and the replies of the Minister given in full as far as the space of this column permits. The correspondence and reports of the day, as received by the Press Association, continue below in close type; the proceedings were reported at some length and the views of the members concerned were set out in the usual manner, with the remarks of the speakers and the replies of the Minister given in full as far as the space of this column permits. The correspondence and reports of the day, as received by the Press Association, continue below in close type; the proceedings were reported at some length and the views of the members concerned were set out in the usual manner, with the remarks of the speakers and the replies of the Minister given in full as far as the space of this column permits. The correspondence and reports of the day, as received by the Press Association, continue below in close type; the proceedings were reported at some length and the views of the members concerned were set out in the usual manner, with the remarks of the speakers and the replies of the Minister given in full as far as the space of this column permits. The correspondence and reports of the day, as received by the Press Association, continue below in close type; the proceedings were reported at some length and the views of the members concerned were set out in the usual manner, with the remarks of the speakers and the replies of the Minister given in full as far as the space of this column permits. The correspondence and reports of the day, as received by the Press Association, continue below in close type; the proceedings were reported at some length and the views of the members concerned were set out in the usual manner, with the remarks of the speakers and the replies of the Minister given in full as far as the space of this column permits. The correspondence and reports of the day, as received by the Press Association, continue below in close type; the proceedings were reported at some length and the views of the members concerned were set out in the usual manner, with the remarks of the speakers and the replies of the Minister given in full as far as the space of this column permits. The correspondence and reports of the day, as received by the Press Association, continue below in close type; the proceedings were reported at some length and the views of the members concerned were set out in the usual manner, with the remarks of the speakers and the replies of the Minister given in full as far as the space of this column permits. The correspondence and reports of the day, as received by the Press Association, continue below in close type; the proceedings were reported at some length and the views of the members concerned were set out in the usual manner, with the remarks of the speakers and the replies of the Minister given in full as far as the space of this column permits. The correspondence and reports of the day, as received by the Press Association, continue below in close type; the proceedings were reported at some length and the views of the members concerned were set out in the usual manner, with the remarks of the speakers and the replies of the Minister given in full as far as the space of this column permits. The correspondence and reports of the day, as received by the Press Association, continue below in close type; the proceedings were reported at some length and the views of the members concerned were set out in the usual manner, with the remarks of the speakers and the replies of the Minister given in full as far as the space of this column permits. The correspondence and reports of the day, as received by the Press Association, continue below in close type; the proceedings were reported at some length and the views of the members concerned were set out in the usual manner, with the remarks of the speakers and the replies of the Minister given in full as far as the space of this column permits. The correspondence and reports of the day, as received by the Press Association, continue below in close type; the proceedings were reported at some length and the views of the members concerned were set out in the usual manner, with the remarks of the speakers and the replies of the Minister given in full as far as the space of this column permits. The correspondence and reports of the day, as received by the Press Association, continue below in close type; the proceedings were reported at some length and the views of the members concerned were set out in the usual manner, with the remarks of the speakers and the replies of the Minister given in full as far as the space of this column permits. The correspondence and reports of the day, as received by the Press Association, continue below in close type; the proceedings were reported at some length and the views of the members concerned were set out in the usual manner, with the remarks of the speakers and the replies of the Minister given in full as far as the space of this column permits. The correspondence and reports of the day, as received by the Press Association, continue below in close type; the proceedings were reported at some length and the views of the members concerned were set out in the usual manner, with the remarks of the speakers and the replies of the Minister given in full as far as the space of this column permits. The correspondence and reports of the day, as received by the Press Association, continue below in close type; the proceedings were reported at some length and the views of the members concerned were set out in the usual manner, with the remarks of the speakers and the replies of the Minister given in full as far as the space of this column permits. The correspondence and reports of the day, as received by the Press Association, continue below in close type; the proceedings were reported at some length and the views of the members concerned were set out in the usual manner, with the remarks of the speakers and the replies of the Minister given in full as far as the space of this column permits. The correspondence and reports of the day, as received by the Press Association, continue below in close type; the proceedings were reported at some length and the views of the members concerned were set out in the usual manner, with the remarks of the speakers and the replies of the Minister given in full as far as the space of this column permits. The correspondence and reports of the day, as received by the Press Association, continue below in close type; the proceedings were reported at some length and the views of the members concerned were set out in the usual manner, with the remarks of the speakers and the replies of the Minister given in full as far as the space of this column permits. The correspondence and reports of the day, as received by the Press Association, continue below in close type; the proceedings were reported at some length and the views of the members concerned were set out in the usual manner, with the remarks of the speakers and the replies of the Minister given in full as far as the space of this column permits. The correspondence and reports of the day, as received by the Press Association, continue below in close type; the proceedings were reported at some length and the views of the members concerned were set out in the usual manner, with the remarks of the speakers and the replies of the Minister given in full as far as the space of this column permits. The correspondence and reports of the day, as received by the Press Association, continue below in close type; the proceedings were reported at some length and the views of the members concerned were set out in the usual manner, with the remarks of the speakers and the replies of the Minister given in full as far as the space of this column permits.

THE MINISTER IN REPLY.
ORDER OF MERIT APPROVED.

The Minister said he recognised that there was something in what the deputation had said, and he would have the matter carefully inquired into.

The correspondence and reports of the day, as received by the Press Association, continue below in close type; the proceedings were reported at some length and the views of the members concerned were set out in the usual manner, with the remarks of the speakers and the replies of the Minister given in full as far as the space of this column permits. The correspondence and reports of the day, as received by the Press Association, continue below in close type; the proceedings were reported at some length and the views of the members concerned were set out in the usual manner, with the remarks of the speakers and the replies of the Minister given in full as far as the space of this column permits. The correspondence and reports of the day, as received by the Press Association, continue below in close type; the proceedings were reported at some length and the views of the members concerned were set out in the usual manner, with the remarks of the speakers and the replies of the Minister given in full as far as the space of this column permits. The correspondence and reports of the day, as received by the Press Association, continue below in close type; the proceedings were reported at some length and the views of the members concerned were set out in the usual manner, with the remarks of the speakers and the replies of the Minister given in full as far as the space of this column permits. The correspondence and reports of the day, as received by the Press Association, continue below in close type; the proceedings were reported at some length and the views of the members concerned were set out in the usual manner, with the remarks of the speakers and the replies of the Minister given in full as far as the space of this column permits. The correspondence and reports of the day, as received by the Press Association, continue below in close type; the proceedings were reported at some length and the views of the members concerned were set out in the usual manner, with the remarks of the speakers and the replies of the Minister given in full as far as the space of this column permits. The correspondence and reports of the day, as received by the Press Association, continue below in close type; the proceedings were reported at some length and the views of the members concerned were set out in the usual manner, with the remarks of the speakers and the replies of the Minister given in full as far as the space of this column permits. The correspondence and reports of the day, as received by the Press Association, continue below in close type; the proceedings were reported at some length and the views of the members concerned were set out in the usual manner, with the remarks of the speakers and the replies of the Minister given in full as far as the space of this column permits. The correspondence and reports of the day, as received by the Press Association, continue below in close type; the proceedings were reported at some length and the views of the members concerned were set out in the usual manner, with the remarks of the speakers and the replies of the Minister given in full as far as the space of this column permits. The correspondence and reports of the day, as received by the Press Association, continue below in close type; the proceedings were reported at some length and the views of the members concerned were set out in the usual manner, with the remarks of the speakers and the replies of the Minister given in full as far as the space of this column permits. The correspondence and reports of the day, as received by the Press Association, continue below in close type; the proceedings were reported at some length and the views of the members concerned were set out in the usual manner, with the remarks of the speakers and the replies of the Minister given in full as far as the space of this column permits. The correspondence and reports of the day, as received by the Press Association, continue below in close type; the proceedings were reported at some length and the views of the members concerned were set out in the usual manner, with the remarks of the speakers and the replies of the Minister given in full as far as the space of this column permits. The correspondence and reports of the day, as received by the Press Association, continue below in close type; the proceedings were reported at some length and the views of the members concerned were set out in the usual manner, with the remarks of the speakers and the replies of the Minister given in full as far as the space of this column permits. The correspondence and reports of the day, as received by the Press Association, continue below in close type; the proceedings were reported at some length and the views of the members concerned were set out in the usual manner, with the remarks of the speakers and the replies of the Minister given in full as far as the space of this column permits. The correspondence and reports of the day, as received by the Press Association, continue below in close type; the proceedings were reported at some length and the views of the members concerned were set out in the usual manner, with the remarks of the speakers and the replies of the Minister given in full as far as the space of this column permits. The correspondence and reports of the day, as received by the Press Association, continue below in close type; the proceedings were reported at some length and the views of the members concerned were set out in the usual manner, with the remarks of the speakers and the replies of the Minister given in full as far as the space of this column permits.

ON TOUR AT HOME.
PERSONAL NOTES FROM LONDON.
London, July 17.

Mr. and Mrs. E. A. Judson, of Masterton, are at present in London. Lady Ward and Miss Ward have been in London for a week, staying at the Portland Hotel.

The correspondence and reports of the day, as received by the Press Association, continue below in close type; the proceedings were reported at some length and the views of the members concerned were set out in the usual manner, with the remarks of the speakers and the replies of the Minister given in full as far as the space of this column permits. The correspondence and reports of the day, as received by the Press Association, continue below in close type; the proceedings were reported at some length and the views of the members concerned were set out in the usual manner, with the remarks of the speakers and the replies of the Minister given in full as far as the space of this column permits. The correspondence and reports of the day, as received by the Press Association, continue below in close type; the proceedings were reported at some length and the views of the members concerned were set out in the usual manner, with the remarks of the speakers and the replies of the Minister given in full as far as the space of this column permits. The correspondence and reports of the day, as received by the Press Association, continue below in close type; the proceedings were reported at some length and the views of the members concerned were set out in the usual manner, with the remarks of the speakers and the replies of the Minister given in full as far as the space of this column permits. The correspondence and reports of the day, as received by the Press Association, continue below in close type; the proceedings were reported at some length and the views of the members concerned were set out in the usual manner, with the remarks of the speakers and the replies of the Minister given in full as far as the space of this column permits. The correspondence and reports of the day, as received by the Press Association, continue below in close type; the proceedings were reported at some length and the views of the members concerned were set out in the usual manner, with the remarks of the speakers and the replies of the Minister given in full as far as the space of this column permits. The correspondence and reports of the day, as received by the Press Association, continue below in close type; the proceedings were reported at some length and the views of the members concerned were set out in the usual manner, with the remarks of the speakers and the replies of the Minister given in full as far as the space of this column permits. The correspondence and reports of the day, as received by the Press Association, continue below in close type; the proceedings were reported at some length and the views of the members concerned were set out in the usual manner, with the remarks of the speakers and the replies of the Minister given in full as far as the space of this column permits. The correspondence and reports of the day, as received by the Press Association, continue below in close type; the proceedings were reported at some length and the views of the members concerned were set out in the usual manner, with the remarks of the speakers and the replies of the Minister given in full as far as the space of this column permits. The correspondence and reports of the day, as received by the Press Association, continue below in close type; the proceedings were reported at some length and the views of the members concerned were set out in the usual manner, with the remarks of the speakers and the replies of the Minister given in full as far as the space of this column permits. The correspondence and reports of the day, as received by the Press Association, continue below in close type; the proceedings were reported at some length and the views of the members concerned were set out in the usual manner, with the remarks of the speakers and the replies of the Minister given in full as far as the space of this column permits. The correspondence and reports of the day, as received by the Press Association, continue below in close type; the proceedings were reported at some length and the views of the members concerned were set out in the usual manner, with the remarks of the speakers and the replies of the Minister given in full as far as the space of this column permits.

NEW ZEALAND NEWS.
(By Telegraph—Press Association.)
INQUIRY INTO A FIRE.
Hastings, August 25.

An inquiry into the fire which destroyed a four-roomed cottage in Francis Lane, Hastings, on August 19, was concluded to-day.

The correspondence and reports of the day, as received by the Press Association, continue below in close type; the proceedings were reported at some length and the views of the members concerned were set out in the usual manner, with the remarks of the speakers and the replies of the Minister given in full as far as the space of this column permits. The correspondence and reports of the day, as received by the Press Association, continue below in close type; the proceedings were reported at some length and the views of the members concerned were set out in the usual manner, with the remarks of the speakers and the replies of the Minister given in full as far as the space of this column permits. The correspondence and reports of the day, as received by the Press Association, continue below in close type; the proceedings were reported at some length and the views of the members concerned were set out in the usual manner, with the remarks of the speakers and the replies of the Minister given in full as far as the space of this column permits. The correspondence and reports of the day, as received by the Press Association, continue below in close type; the proceedings were reported at some length and the views of the members concerned were set out in the usual manner, with the remarks of the speakers and the replies of the Minister given in full as far as the space of this column permits. The correspondence and reports of the day, as received by the Press Association, continue below in close type; the proceedings were reported at some length and the views of the members concerned were set out in the usual manner, with the remarks of the speakers and the replies of the Minister given in full as far as the space of this column permits.

A SUNNYSIDE INQUIRY.

The correspondence and reports of the day, as received by the Press Association, continue below in close type; the proceedings were reported at some length and the views of the members concerned were set out in the usual manner, with the remarks of the speakers and the replies of the Minister given in full as far as the space of this column permits. The correspondence and reports of the day, as received by the Press Association, continue below in close type; the proceedings were reported at some length and the views of the members concerned were set out in the usual manner, with the remarks of the speakers and the replies of the Minister given in full as far as the space of this column permits. The correspondence and reports of the day, as received by the Press Association, continue below in close type; the proceedings were reported at some length and the views of the members concerned were set out in the usual manner, with the remarks of the speakers and the replies of the Minister given in full as far as the space of this column permits. The correspondence and reports of the day, as received by the Press Association, continue below in close type; the proceedings were reported at some length and the views of the members concerned were set out in the usual manner, with the remarks of the speakers and the replies of the Minister given in full as far as the space of this column permits. The correspondence and reports of the day, as received by the Press Association, continue below in close type; the proceedings were reported at some length and the views of the members concerned were set out in the usual manner, with the remarks of the speakers and the replies of the Minister given in full as far as the space of this column permits.

A VESSEL SEIZED.

The correspondence and reports of the day, as received by the Press Association, continue below in close type; the proceedings were reported at some length and the views of the members concerned were set out in the usual manner, with the remarks of the speakers and the replies of the Minister given in full as far as the space of this column permits. The correspondence and reports of the day, as received by the Press Association, continue below in close type; the proceedings were reported at some length and the views of the members concerned were set out in the usual manner, with the remarks of the speakers and the replies of the Minister given in full as far as the space of this column permits. The correspondence and reports of the day, as received by the Press Association, continue below in close type; the proceedings were reported at some length and the views of the members concerned were set out in the usual manner, with the remarks of the speakers and the replies of the Minister given in full as far as the space of this column permits. The correspondence and reports of the day, as received by the Press Association, continue below in close type; the proceedings were reported at some length and the views of the members concerned were set out in the usual manner, with the remarks of the speakers and the replies of the Minister given in full as far as the space of this column permits.

BURGLAR'S HAUL.

The correspondence and reports of the day, as received by the Press Association, continue below in close type; the proceedings were reported at some length and the views of the members concerned were set out in the usual manner, with the remarks of the speakers and the replies of the Minister given in full as far as the space of this column permits. The correspondence and reports of the day, as received by the Press Association, continue below in close type; the proceedings were reported at some length and the views of the members concerned were set out in the usual manner, with the remarks of the speakers and the replies of the Minister given in full as far as the space of this column permits. The correspondence and reports of the day, as received by the Press Association, continue below in close type; the proceedings were reported at some length and the views of the members concerned were set out in the usual manner, with the remarks of the speakers and the replies of the Minister given in full as far as the space of this column permits.

FIRE AT DUNEDIN.

The correspondence and reports of the day, as received by the Press Association, continue below in close type; the proceedings were reported at some length and the views of the members concerned were set out in the usual manner, with the remarks of the speakers and the replies of the Minister given in full as far as the space of this column permits. The correspondence and reports of the day, as received by the Press Association, continue below in close type; the proceedings were reported at some length and the views of the members concerned were set out in the usual manner, with the remarks of the speakers and the replies of the Minister given in full as far as the space of this column permits. The correspondence and reports of the day, as received by the Press Association, continue below in close type; the proceedings were reported at some length and the views of the members concerned were set out in the usual manner, with the remarks of the speakers and the replies of the Minister given in full as far as the space of this column permits.

LAWN TENNIS.
CONTROL'S QUARTERLY REPORT.

The quarterly meeting of the council of the New Zealand Lawn Tennis Association will be held to-morrow evening. The following is the Management Committee's report which will be submitted.

The correspondence and reports of the day, as received by the Press Association, continue below in close type; the proceedings were reported at some length and the views of the members concerned were set out in the usual manner, with the remarks of the speakers and the replies of the Minister given in full as far as the space of this column permits. The correspondence and reports of the day, as received by the Press Association, continue below in close type; the proceedings were reported at some length and the views of the members concerned were set out in the usual manner, with the remarks of the speakers and the replies of the Minister given in full as far as the space of this column permits. The correspondence and reports of the day, as received by the Press Association, continue below in close type; the proceedings were reported at some length and the views of the members concerned were set out in the usual manner, with the remarks of the speakers and the replies of the Minister given in full as far as the space of this column permits. The correspondence and reports of the day, as received by the Press Association, continue below in close type; the proceedings were reported at some length and the views of the members concerned were set out in the usual manner, with the remarks of the speakers and the replies of the Minister given in full as far as the space of this column permits. The correspondence and reports of the day, as received by the Press Association, continue below in close type; the proceedings were reported at some length and the views of the members concerned were set out in the usual manner, with the remarks of the speakers and the replies of the Minister given in full as far as the space of this column permits. The correspondence and reports of the day, as received by the Press Association, continue below in close type; the proceedings were reported at some length and the views of the members concerned were set out in the usual manner, with the remarks of the speakers and the replies of the Minister given in full as far as the space of this column permits. The correspondence and reports of the day, as received by the Press Association, continue below in close type; the proceedings were reported at some length and the views of the members concerned were set out in the usual manner, with the remarks of the speakers and the replies of the Minister given in full as far as the space of this column permits. The correspondence and reports of the day, as received by the Press Association, continue below in close type; the proceedings were reported at some length and the views of the members concerned were set out in the usual manner, with the remarks of the speakers and the replies of the Minister given in full as far as the space of this column permits. The correspondence and reports of the day, as received by the Press Association, continue below in close type; the proceedings were reported at some length and the views of the members concerned were set out in the usual manner, with the remarks of the speakers and the replies of the Minister given in full as far as the space of this column permits. The correspondence and reports of the day, as received by the Press Association, continue below in close type; the proceedings were reported at some length and the views of the members concerned were set out in the usual manner, with the remarks of the speakers and the replies of the Minister given in full as far as the space of this column permits. The correspondence and reports of the day, as received by the Press Association, continue below in close type; the proceedings were reported at some length and the views of the members concerned were set out in the usual manner, with the remarks of the speakers and the replies of the Minister given in full as far as the space of this column permits. The correspondence and reports of the day, as received by the Press Association, continue below in close type; the proceedings were reported at some length and the views of the members concerned were set out in the usual manner, with the remarks of the speakers and the replies of the Minister given in full as far as the space of this column permits. The correspondence and reports of the day, as received by the Press Association, continue below in close type; the proceedings were reported at some length and the views of the members concerned were set out in the usual manner, with the remarks of the speakers and the replies of the Minister given in full as far as the space of this column permits. The correspondence and reports of the day, as received by the Press Association, continue below in close type; the proceedings were reported at some length and the views of the members concerned were set out in the usual manner, with the remarks of the speakers and the replies of the Minister given in full as far as the space of this column permits.

ARTHUR PETHERICK, Secretary.
CRICKET.
AUSTRALIANS IN CANADA.

Toronto, August 25. In the match between the Australian team and an American team, the Australians compiled their first innings.

The correspondence and reports of the day, as received by the Press Association, continue below in close type; the proceedings were reported at some length and the views of the members concerned were set out in the usual manner, with the remarks of the speakers and the replies of the Minister given in full as far as the space of this column permits. The correspondence and reports of the day, as received by the Press Association, continue below in close type; the proceedings were reported at some length and the views of the members concerned were set out in the usual manner, with the remarks of the speakers and the replies of the Minister given in full as far as the space of this column permits. The correspondence and reports of the day, as received by the Press Association, continue below in close type; the proceedings were reported at some length and the views of the members concerned were set out in the usual manner, with the remarks of the speakers and the replies of the Minister given in full as far as the space of this column permits. The correspondence and reports of the day, as received by the Press Association, continue below in close type; the proceedings were reported at some length and the views of the members concerned were set out in the usual manner, with the remarks of the speakers and the replies of the Minister given in full as far as the space of this column permits. The correspondence and reports of the day, as received by the Press Association, continue below in close type; the proceedings were reported at some length and the views of the members concerned were set out in the usual manner, with the remarks of the speakers and the replies of the Minister given in full as far as the space of this column permits. The correspondence and reports of the day, as received by the Press Association, continue below in close type; the proceedings were reported at some length and the views of the members concerned were set out in the usual manner, with the remarks of the speakers and the replies of the Minister given in full as far as the space of this column permits. The correspondence and reports of the day, as received by the Press Association, continue below in close type; the proceedings were reported at some length and the views of the members concerned were set out in the usual manner, with the remarks of the speakers and the replies of the Minister given in full as far as the space of this column permits. The correspondence and reports of the day, as received by the Press Association, continue below in close type; the proceedings were reported at some length and the views of the members concerned were set out in the usual manner, with the remarks of the speakers and the replies of the Minister given in full as far as the space of this column permits. The correspondence and reports of the day, as received by the Press Association, continue below in close type; the proceedings were reported at some length and the views of the members concerned were set out in the usual manner, with the remarks of the speakers and the replies of the Minister given in full as far as the space of this column permits. The correspondence and reports of the day, as received by the Press Association, continue below in close type; the proceedings were reported at some length and the views of the members concerned were set out in the usual manner, with the remarks of the speakers and the replies of the Minister given in full as far as the space of this column permits.
